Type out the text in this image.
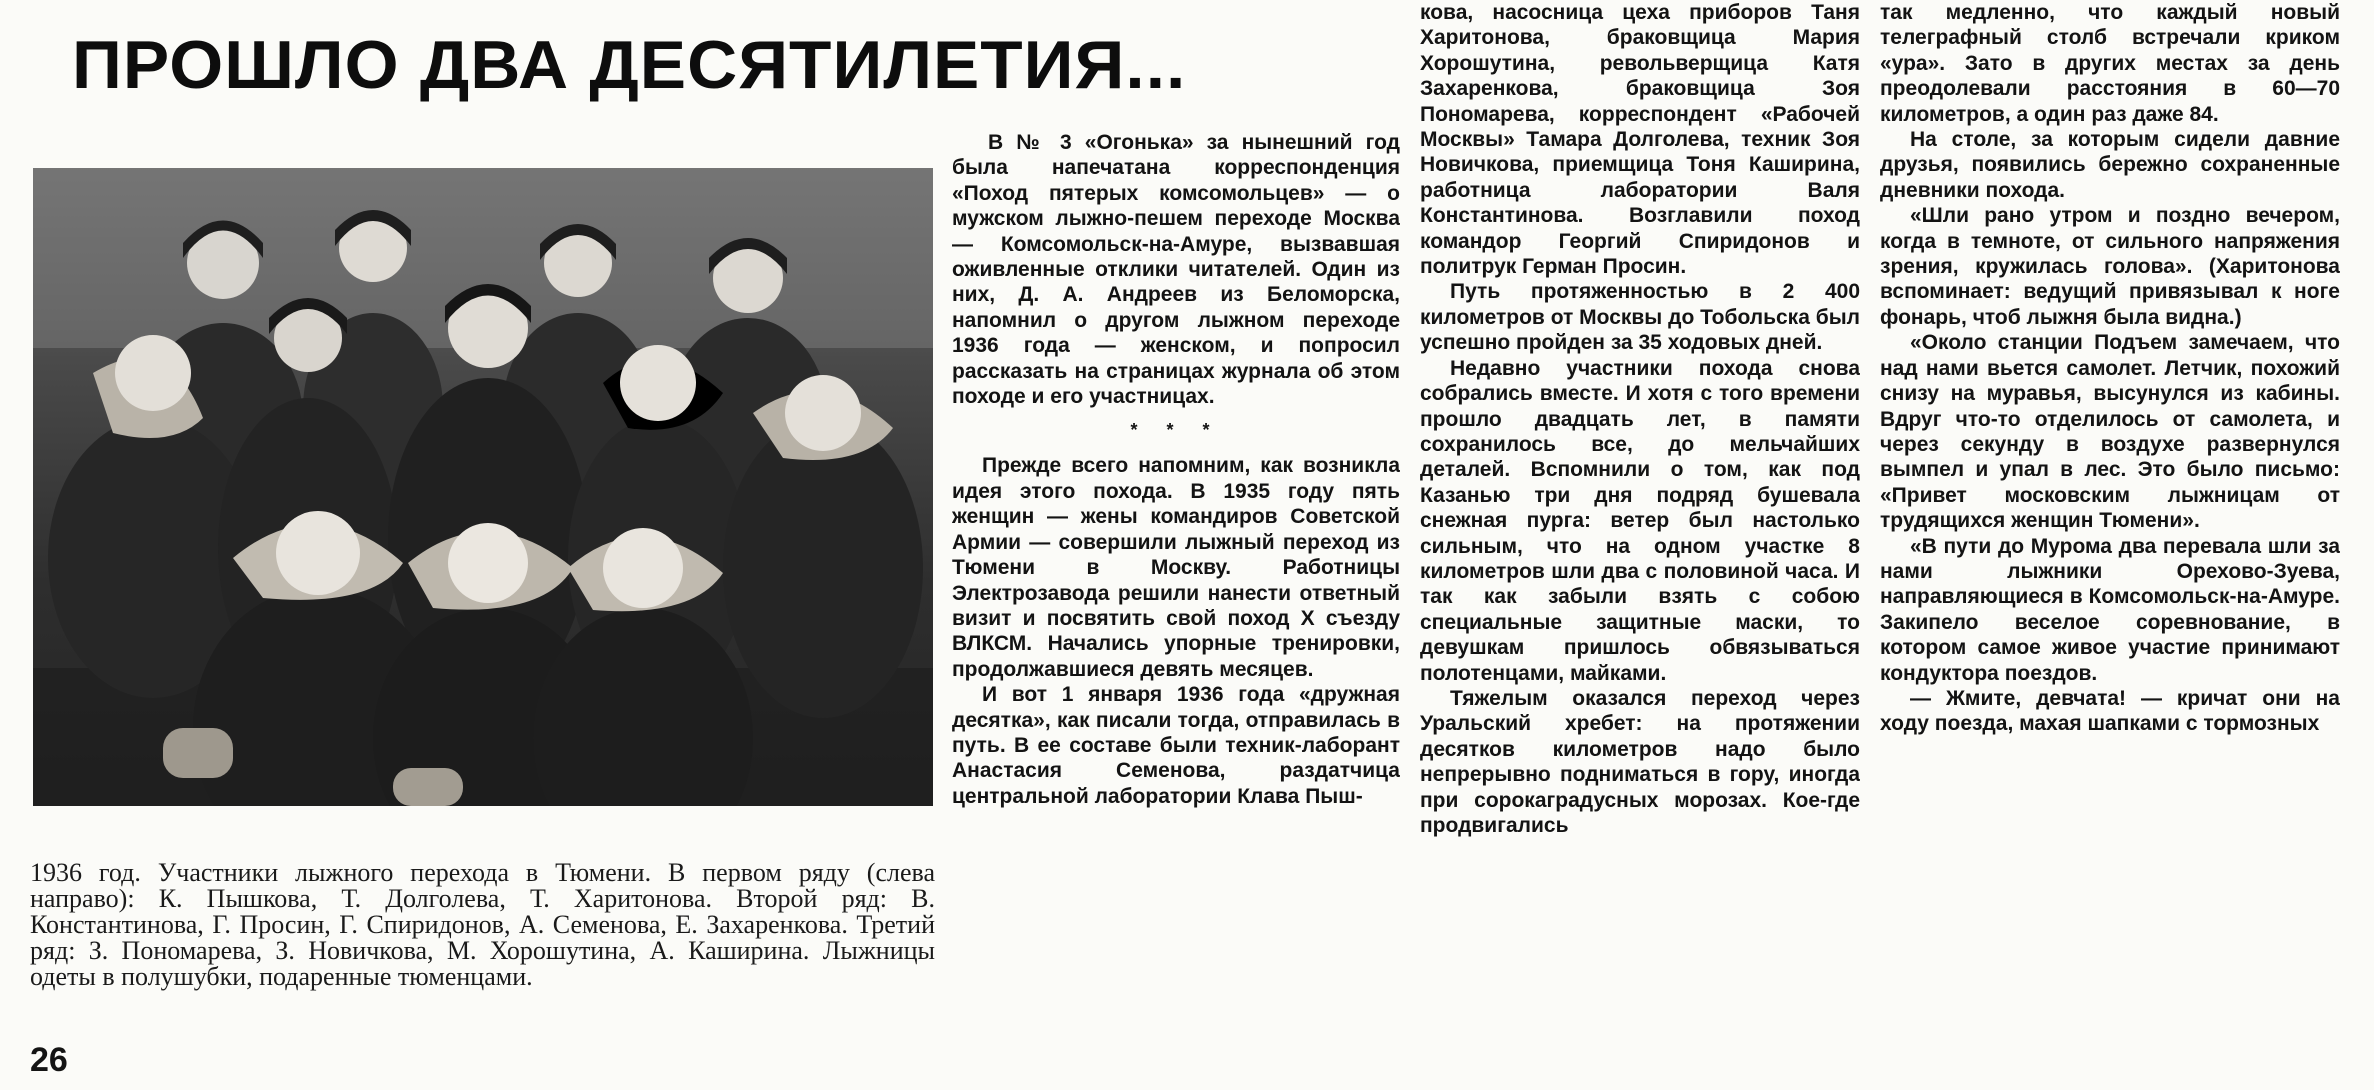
ПРОШЛО ДВА ДЕСЯТИЛЕТИЯ...
1936 год. Участники лыжного перехода в Тюмени. В первом ряду (слева направо): К. Пышкова, Т. Долголева, Т. Харитонова. Второй ряд: В. Константинова, Г. Просин, Г. Спиридонов, А. Семенова, Е. Захаренкова. Третий ряд: З. Пономарева, З. Новичкова, М. Хорошутина, А. Каширина. Лыжницы одеты в полушубки, подаренные тюменцами.

В № 3 «Огонька» за нынешний год была напечатана корреспонденция «Поход пятерых комсомольцев» — о мужском лыжно-пешем переходе Москва — Комсомольск-на-Амуре, вызвавшая оживленные отклики читателей. Один из них, Д. А. Андреев из Беломорска, напомнил о другом лыжном переходе 1936 года — женском, и попросил рассказать на страницах журнала об этом походе и его участницах.

* * *

Прежде всего напомним, как возникла идея этого похода. В 1935 году пять женщин — жены командиров Советской Армии — совершили лыжный переход из Тюмени в Москву. Работницы Электрозавода решили нанести ответный визит и посвятить свой поход X съезду ВЛКСМ. Начались упорные тренировки, продолжавшиеся девять месяцев.

И вот 1 января 1936 года «дружная десятка», как писали тогда, отправилась в путь. В ее составе были техник-лаборант Анастасия Семенова, раздатчица центральной лаборатории Клава Пыш-

кова, насосница цеха приборов Таня Харитонова, браковщица Мария Хорошутина, револьверщица Катя Захаренкова, браковщица Зоя Пономарева, корреспондент «Рабочей Москвы» Тамара Долголева, техник Зоя Новичкова, приемщица Тоня Каширина, работница лаборатории Валя Константинова. Возглавили поход командор Георгий Спиридонов и политрук Герман Просин.

Путь протяженностью в 2 400 километров от Москвы до Тобольска был успешно пройден за 35 ходовых дней.

Недавно участники похода снова собрались вместе. И хотя с того времени прошло двадцать лет, в памяти сохранилось все, до мельчайших деталей. Вспомнили о том, как под Казанью три дня подряд бушевала снежная пурга: ветер был настолько сильным, что на одном участке 8 километров шли два с половиной часа. И так как забыли взять с собою специальные защитные маски, то девушкам пришлось обвязываться полотенцами, майками.

Тяжелым оказался переход через Уральский хребет: на протяжении десятков километров надо было непрерывно подниматься в гору, иногда при сорокаградусных морозах. Кое-где продвигались

так медленно, что каждый новый телеграфный столб встречали криком «ура». Зато в других местах за день преодолевали расстояния в 60—70 километров, а один раз даже 84.

На столе, за которым сидели давние друзья, появились бережно сохраненные дневники похода.

«Шли рано утром и поздно вечером, когда в темноте, от сильного напряжения зрения, кружилась голова». (Харитонова вспоминает: ведущий привязывал к ноге фонарь, чтоб лыжня была видна.)

«Около станции Подъем замечаем, что над нами вьется самолет. Летчик, похожий снизу на муравья, высунулся из кабины. Вдруг что-то отделилось от самолета, и через секунду в воздухе развернулся вымпел и упал в лес. Это было письмо: «Привет московским лыжницам от трудящихся женщин Тюмени».

«В пути до Мурома два перевала шли за нами лыжники Орехово-Зуева, направляющиеся в Комсомольск-на-Амуре. Закипело веселое соревнование, в котором самое живое участие принимают кондуктора поездов.

— Жмите, девчата! — кричат они на ходу поезда, махая шапками с тормозных

26
